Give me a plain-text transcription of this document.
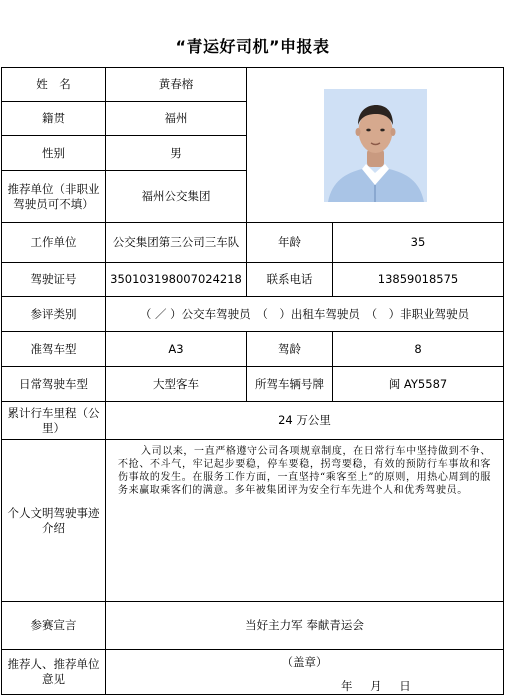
“青运好司机”申报表
姓　名	黄春榕	

籍贯	福州		
性别	男		
推荐单位（非职业驾驶员可不填）	福州公交集团		
工作单位	公交集团第三公司三车队	年龄	35
驾驶证号	350103198007024218	联系电话	13859018575
参评类别	（ ／ ）公交车驾驶员　（　）出租车驾驶员　（　）非职业驾驶员		
准驾车型	A3	驾龄	8
日常驾驶车型	大型客车	所驾车辆号牌	闽 AY5587
累计行车里程（公里）	24 万公里		
个人文明驾驶事迹介绍	入司以来，一直严格遵守公司各项规章制度，在日常行车中坚持做到不争、不抢、不斗气，牢记起步要稳，停车要稳，拐弯要稳，有效的预防行车事故和客伤事故的发生。在服务工作方面，一直坚持“乘客至上”的原则，用热心周到的服务来赢取乘客们的满意。多年被集团评为安全行车先进个人和优秀驾驶员。		

参赛宣言	当好主力军 奉献青运会		
推荐人、推荐单位意见	（盖章）
年 月 日		
